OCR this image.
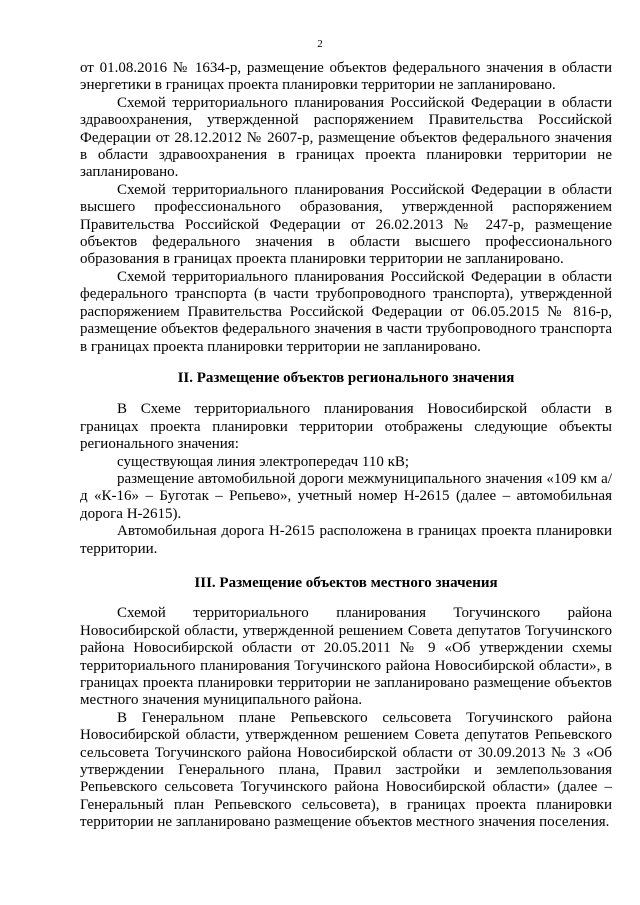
2

от 01.08.2016 № 1634-р, размещение объектов федерального значения в области энергетики в границах проекта планировки территории не запланировано.

Схемой территориального планирования Российской Федерации в области здравоохранения, утвержденной распоряжением Правительства Российской Федерации от 28.12.2012 № 2607-р, размещение объектов федерального значения в области здравоохранения в границах проекта планировки территории не запланировано.

Схемой территориального планирования Российской Федерации в области высшего профессионального образования, утвержденной распоряжением Правительства Российской Федерации от 26.02.2013 № 247-р, размещение объектов федерального значения в области высшего профессионального образования в границах проекта планировки территории не запланировано.

Схемой территориального планирования Российской Федерации в области федерального транспорта (в части трубопроводного транспорта), утвержденной распоряжением Правительства Российской Федерации от 06.05.2015 № 816-р, размещение объектов федерального значения в части трубопроводного транспорта в границах проекта планировки территории не запланировано.

II. Размещение объектов регионального значения

В Схеме территориального планирования Новосибирской области в границах проекта планировки территории отображены следующие объекты регионального значения:

существующая линия электропередач 110 кВ;

размещение автомобильной дороги межмуниципального значения «109 км а/д «К-16» – Буготак – Репьево», учетный номер Н-2615 (далее – автомобильная дорога Н-2615).

Автомобильная дорога Н-2615 расположена в границах проекта планировки территории.

III. Размещение объектов местного значения

Схемой территориального планирования Тогучинского района Новосибирской области, утвержденной решением Совета депутатов Тогучинского района Новосибирской области от 20.05.2011 № 9 «Об утверждении схемы территориального планирования Тогучинского района Новосибирской области», в границах проекта планировки территории не запланировано размещение объектов местного значения муниципального района.

В Генеральном плане Репьевского сельсовета Тогучинского района Новосибирской области, утвержденном решением Совета депутатов Репьевского сельсовета Тогучинского района Новосибирской области от 30.09.2013 № 3 «Об утверждении Генерального плана, Правил застройки и землепользования Репьевского сельсовета Тогучинского района Новосибирской области» (далее – Генеральный план Репьевского сельсовета), в границах проекта планировки территории не запланировано размещение объектов местного значения поселения.
